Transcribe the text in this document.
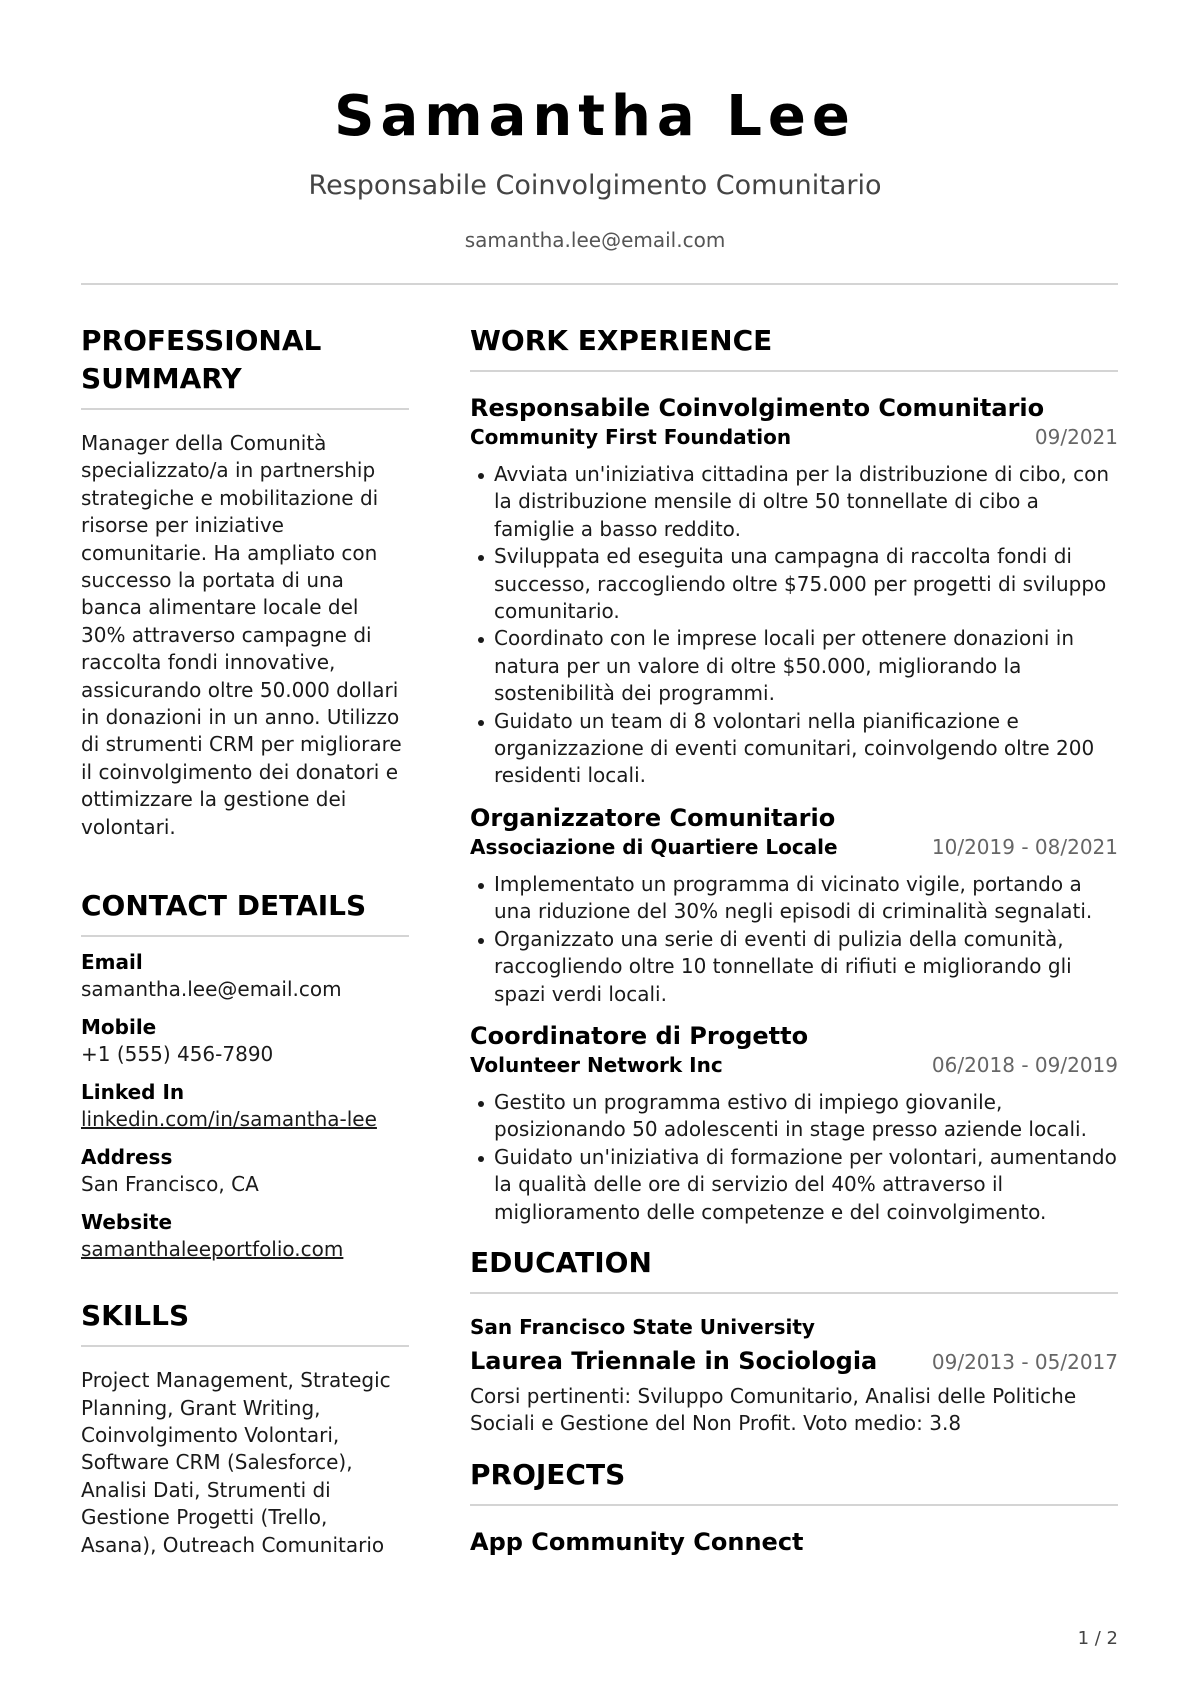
Samantha Lee
Responsabile Coinvolgimento Comunitario
samantha.lee@email.com
PROFESSIONAL SUMMARY
Manager della Comunità specializzato/a in partnership strategiche e mobilitazione di risorse per iniziative comunitarie. Ha ampliato con successo la portata di una banca alimentare locale del 30% attraverso campagne di raccolta fondi innovative, assicurando oltre 50.000 dollari in donazioni in un anno. Utilizzo di strumenti CRM per migliorare il coinvolgimento dei donatori e ottimizzare la gestione dei volontari.
CONTACT DETAILS
Email
samantha.lee@email.com
Mobile
+1 (555) 456-7890
Linked In
linkedin.com/in/samantha-lee
Address
San Francisco, CA
Website
samanthaleeportfolio.com
SKILLS
Project Management, Strategic Planning, Grant Writing, Coinvolgimento Volontari, Software CRM (Salesforce), Analisi Dati, Strumenti di Gestione Progetti (Trello, Asana), Outreach Comunitario
WORK EXPERIENCE
Responsabile Coinvolgimento Comunitario
Community First Foundation	09/2021
Avviata un'iniziativa cittadina per la distribuzione di cibo, con la distribuzione mensile di oltre 50 tonnellate di cibo a famiglie a basso reddito.
Sviluppata ed eseguita una campagna di raccolta fondi di successo, raccogliendo oltre $75.000 per progetti di sviluppo comunitario.
Coordinato con le imprese locali per ottenere donazioni in natura per un valore di oltre $50.000, migliorando la sostenibilità dei programmi.
Guidato un team di 8 volontari nella pianificazione e organizzazione di eventi comunitari, coinvolgendo oltre 200 residenti locali.
Organizzatore Comunitario
Associazione di Quartiere Locale	10/2019 - 08/2021
Implementato un programma di vicinato vigile, portando a una riduzione del 30% negli episodi di criminalità segnalati.
Organizzato una serie di eventi di pulizia della comunità, raccogliendo oltre 10 tonnellate di rifiuti e migliorando gli spazi verdi locali.
Coordinatore di Progetto
Volunteer Network Inc	06/2018 - 09/2019
Gestito un programma estivo di impiego giovanile, posizionando 50 adolescenti in stage presso aziende locali.
Guidato un'iniziativa di formazione per volontari, aumentando la qualità delle ore di servizio del 40% attraverso il miglioramento delle competenze e del coinvolgimento.
EDUCATION
San Francisco State University
Laurea Triennale in Sociologia	09/2013 - 05/2017
Corsi pertinenti: Sviluppo Comunitario, Analisi delle Politiche Sociali e Gestione del Non Profit. Voto medio: 3.8
PROJECTS
App Community Connect
1 / 2
